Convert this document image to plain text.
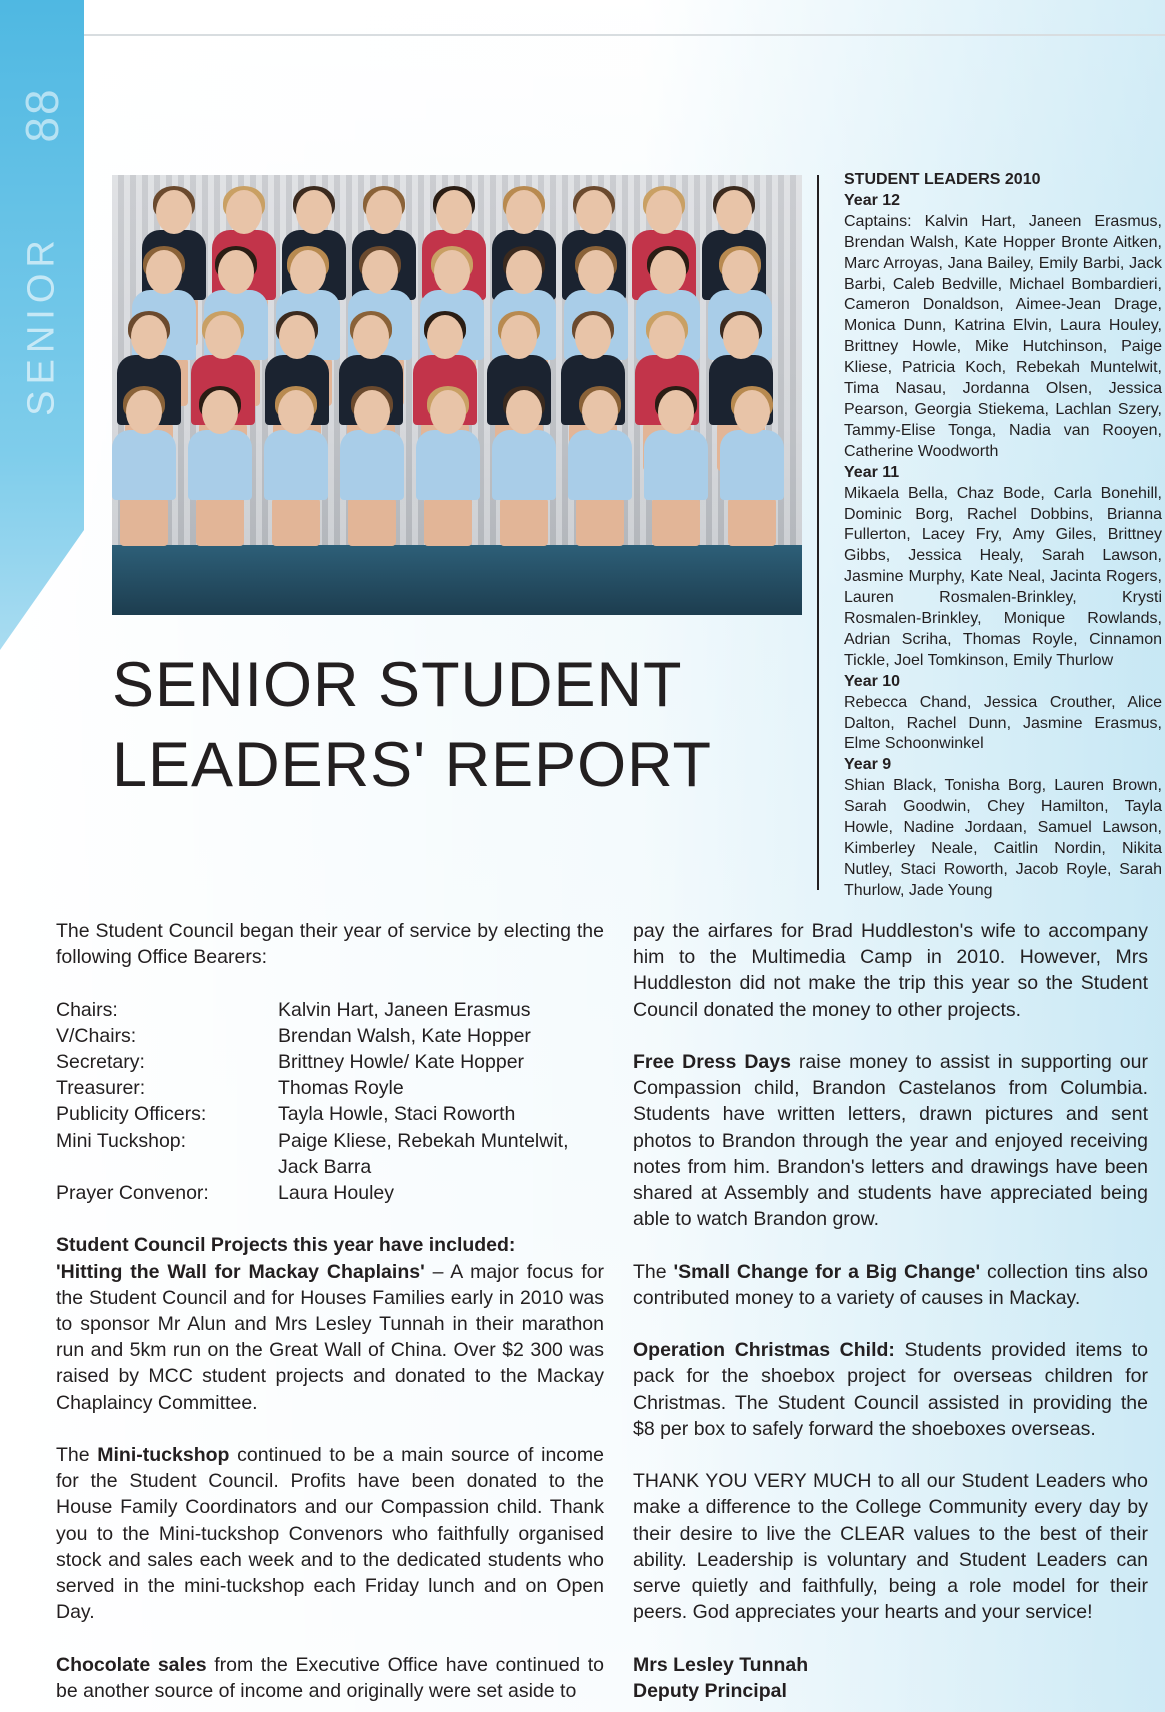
88
SENIOR
SENIOR STUDENT
LEADERS' REPORT
STUDENT LEADERS 2010
Year 12
Captains: Kalvin Hart, Janeen Erasmus, Brendan Walsh, Kate Hopper Bronte Aitken, Marc Arroyas, Jana Bailey, Emily Barbi, Jack Barbi, Caleb Bedville, Michael Bombardieri, Cameron Donaldson, Aimee-Jean Drage, Monica Dunn, Katrina Elvin, Laura Houley, Brittney Howle, Mike Hutchinson, Paige Kliese, Patricia Koch, Rebekah Muntelwit, Tima Nasau, Jordanna Olsen, Jessica Pearson, Georgia Stiekema, Lachlan Szery, Tammy-Elise Tonga, Nadia van Rooyen, Catherine Woodworth
Year 11
Mikaela Bella, Chaz Bode, Carla Bonehill, Dominic Borg, Rachel Dobbins, Brianna Fullerton, Lacey Fry, Amy Giles, Brittney Gibbs, Jessica Healy, Sarah Lawson, Jasmine Murphy, Kate Neal, Jacinta Rogers, Lauren Rosmalen-Brinkley, Krysti Rosmalen-Brinkley, Monique Rowlands, Adrian Scriha, Thomas Royle, Cinnamon Tickle, Joel Tomkinson, Emily Thurlow
Year 10
Rebecca Chand, Jessica Crouther, Alice Dalton, Rachel Dunn, Jasmine Erasmus, Elme Schoonwinkel
Year 9
Shian Black, Tonisha Borg, Lauren Brown, Sarah Goodwin, Chey Hamilton, Tayla Howle, Nadine Jordaan, Samuel Lawson, Kimberley Neale, Caitlin Nordin, Nikita Nutley, Staci Roworth, Jacob Royle, Sarah Thurlow, Jade Young

The Student Council began their year of service by electing the following Office Bearers:

Chairs:	Kalvin Hart, Janeen Erasmus
V/Chairs:	Brendan Walsh, Kate Hopper
Secretary:	Brittney Howle/ Kate Hopper
Treasurer:	Thomas Royle
Publicity Officers:	Tayla Howle, Staci Roworth
Mini Tuckshop:	Paige Kliese, Rebekah Muntelwit, Jack Barra
Prayer Convenor:	Laura Houley

Student Council Projects this year have included:
'Hitting the Wall for Mackay Chaplains' – A major focus for the Student Council and for Houses Families early in 2010 was to sponsor Mr Alun and Mrs Lesley Tunnah in their marathon run and 5km run on the Great Wall of China. Over $2 300 was raised by MCC student projects and donated to the Mackay Chaplaincy Committee.

The Mini-tuckshop continued to be a main source of income for the Student Council. Profits have been donated to the House Family Coordinators and our Compassion child. Thank you to the Mini-tuckshop Convenors who faithfully organised stock and sales each week and to the dedicated students who served in the mini-tuckshop each Friday lunch and on Open Day.

Chocolate sales from the Executive Office have continued to be another source of income and originally were set aside to

pay the airfares for Brad Huddleston's wife to accompany him to the Multimedia Camp in 2010. However, Mrs Huddleston did not make the trip this year so the Student Council donated the money to other projects.

Free Dress Days raise money to assist in supporting our Compassion child, Brandon Castelanos from Columbia. Students have written letters, drawn pictures and sent photos to Brandon through the year and enjoyed receiving notes from him. Brandon's letters and drawings have been shared at Assembly and students have appreciated being able to watch Brandon grow.

The 'Small Change for a Big Change' collection tins also contributed money to a variety of causes in Mackay.

Operation Christmas Child: Students provided items to pack for the shoebox project for overseas children for Christmas. The Student Council assisted in providing the $8 per box to safely forward the shoeboxes overseas.

THANK YOU VERY MUCH to all our Student Leaders who make a difference to the College Community every day by their desire to live the CLEAR values to the best of their ability. Leadership is voluntary and Student Leaders can serve quietly and faithfully, being a role model for their peers. God appreciates your hearts and your service!

Mrs Lesley Tunnah
Deputy Principal
